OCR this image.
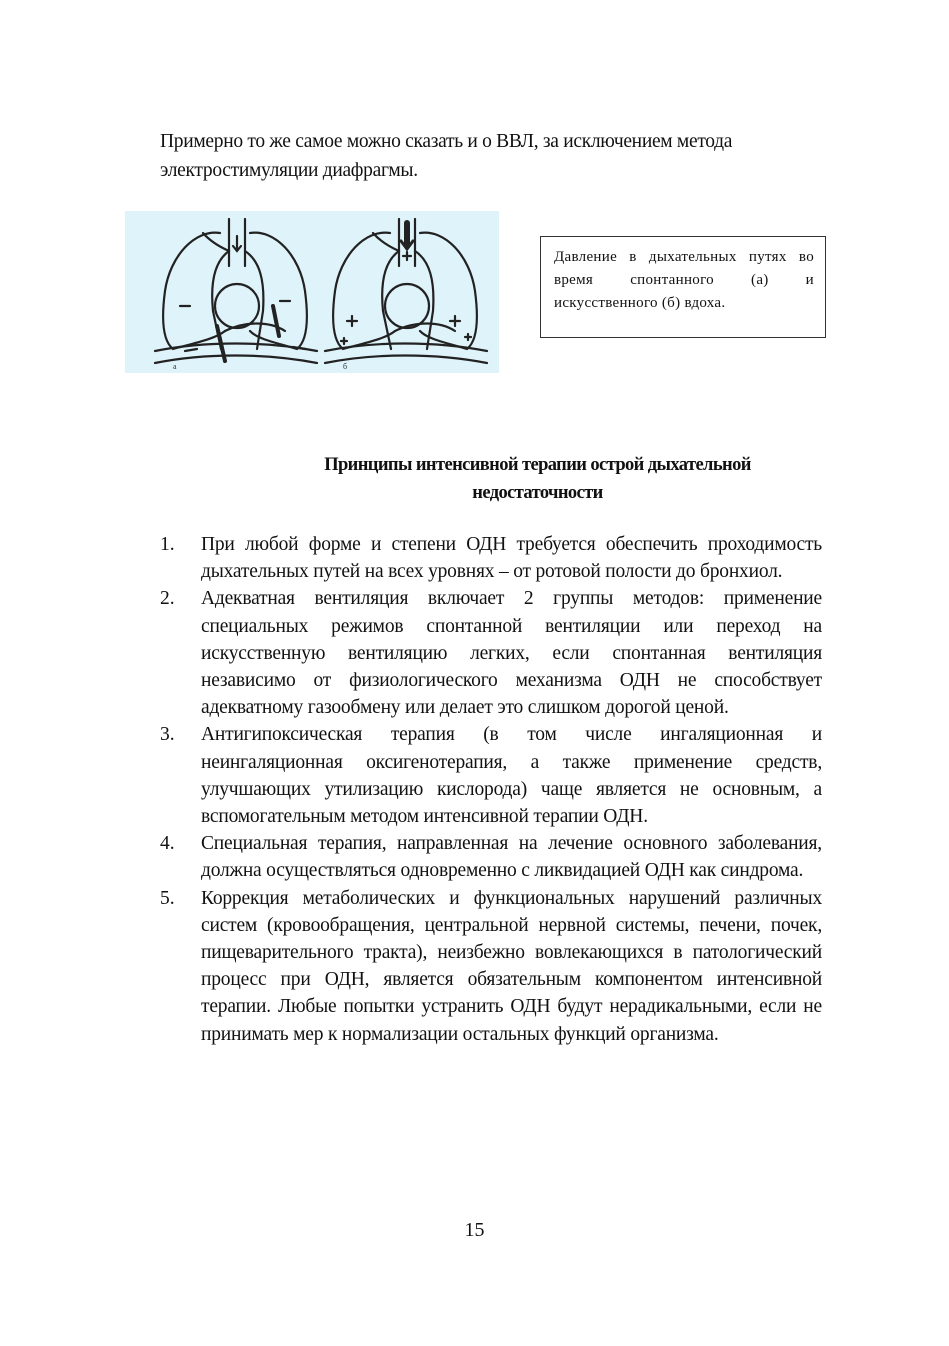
Примерно то же самое можно сказать и о ВВЛ, за исключением метода
электростимуляции диафрагмы.
а	б
Давление в дыхательных путях во время спонтанного (а) и искусственного (б) вдоха.
Принципы интенсивной терапии острой дыхательной
недостаточности
1.	При любой форме и степени ОДН требуется обеспечить проходимость дыхательных путей на всех уровнях – от ротовой полости до бронхиол.
2.	Адекватная вентиляция включает 2 группы методов: применение специальных режимов спонтанной вентиляции или переход на искусственную вентиляцию легких, если спонтанная вентиляция независимо от физиологического механизма ОДН не способствует адекватному газообмену или делает это слишком дорогой ценой.
3.	Антигипоксическая терапия (в том числе ингаляционная и неингаляционная оксигенотерапия, а также применение средств, улучшающих утилизацию кислорода) чаще является не основным, а вспомогательным методом интенсивной терапии ОДН.
4.	Специальная терапия, направленная на лечение основного заболевания, должна осуществляться одновременно с ликвидацией ОДН как синдрома.
5.	Коррекция метаболических и функциональных нарушений различных систем (кровообращения, центральной нервной системы, печени, почек, пищеварительного тракта), неизбежно вовлекающихся в патологический процесс при ОДН, является обязательным компонентом интенсивной терапии. Любые попытки устранить ОДН будут нерадикальными, если не принимать мер к нормализации остальных функций организма.
15
